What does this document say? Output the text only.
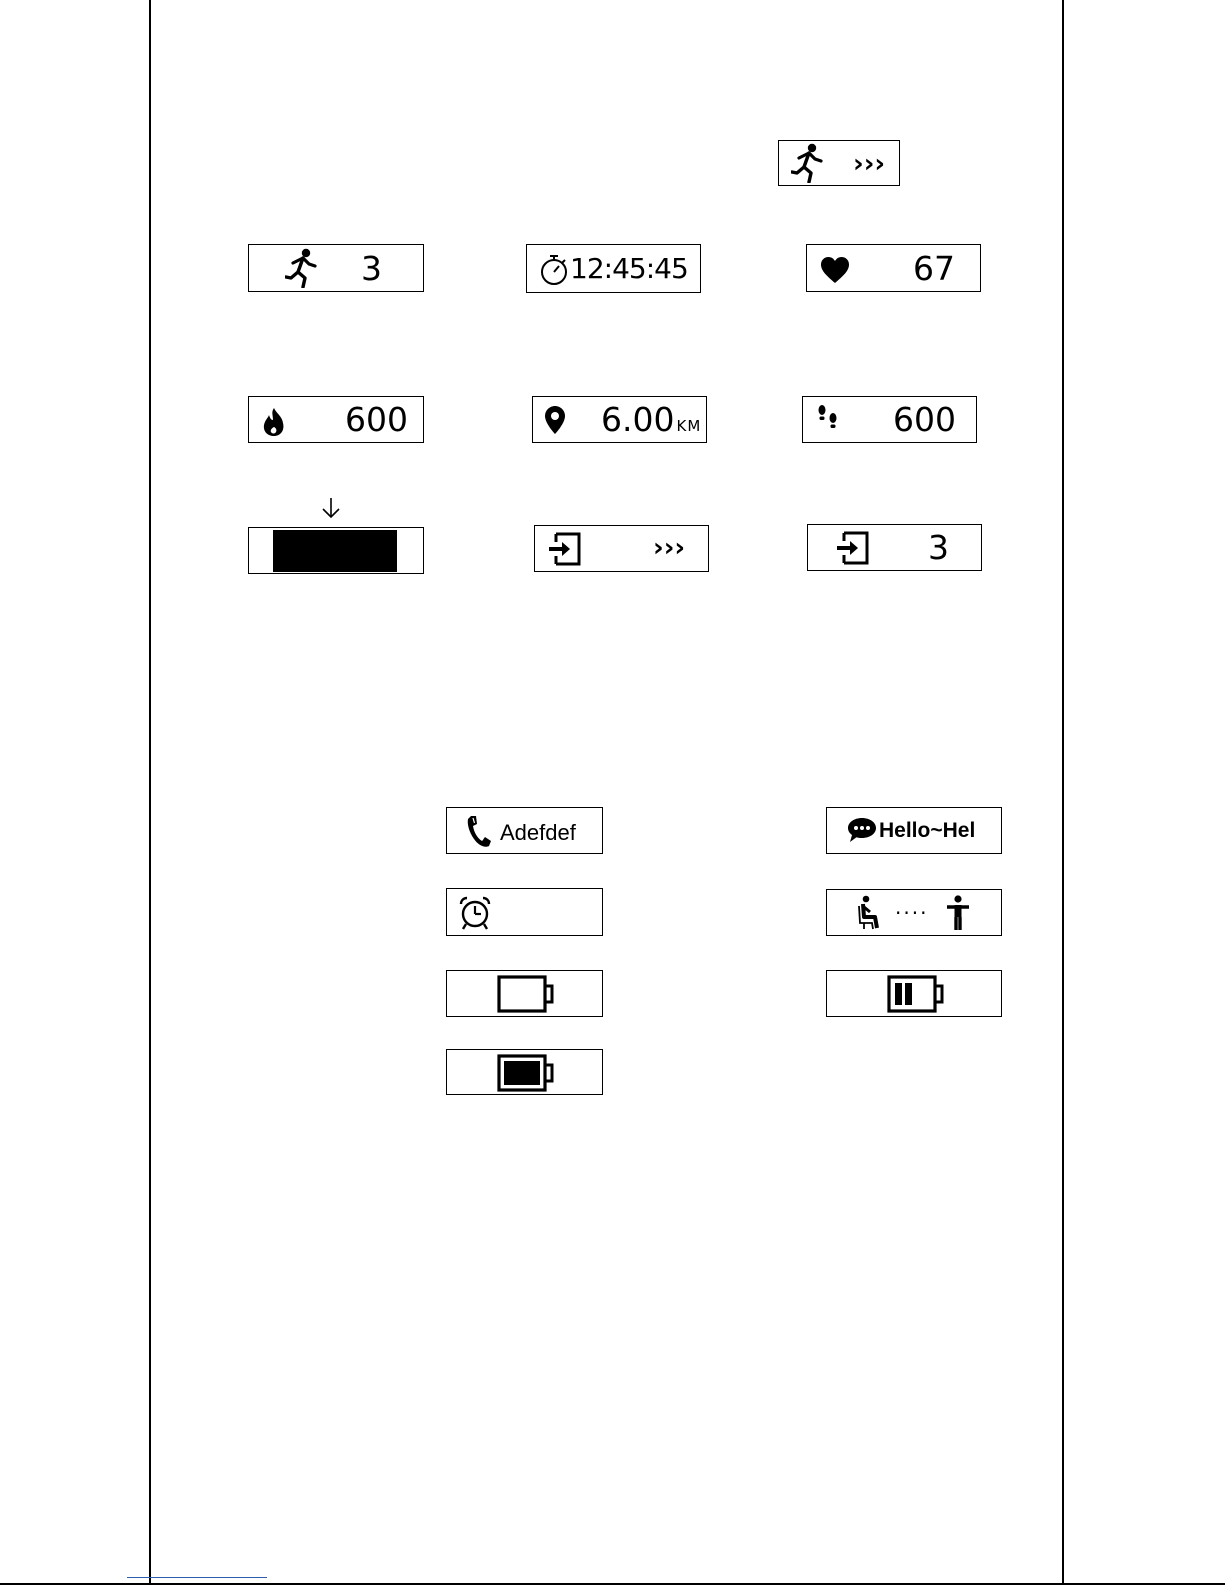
›››
3	12:45:45	67
600	6.00 KM	600
›››	3
Adefdef	Hello~Hel
····
